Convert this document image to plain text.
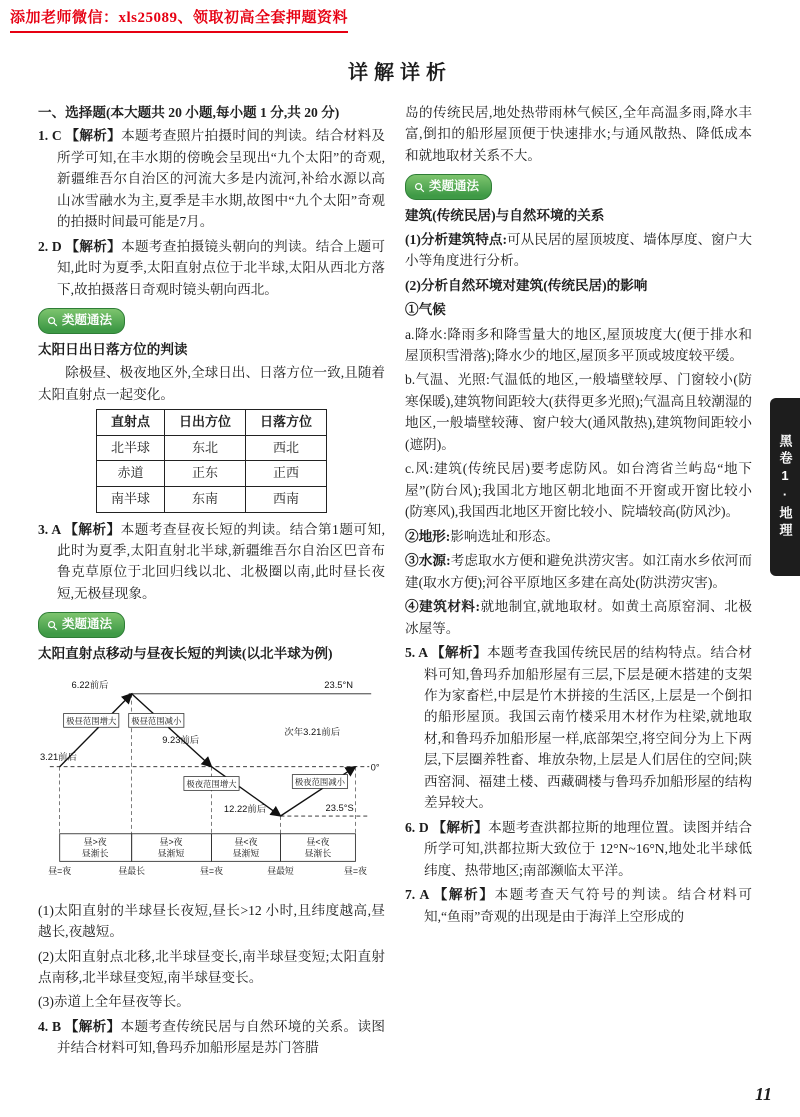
添加老师微信：xls25089、领取初高全套押题资料
详解详析
一、选择题(本大题共 20 小题,每小题 1 分,共 20 分)

1. C 【解析】本题考查照片拍摄时间的判读。结合材料及所学可知,在丰水期的傍晚会呈现出“九个太阳”的奇观,新疆维吾尔自治区的河流大多是内流河,补给水源以高山冰雪融水为主,夏季是丰水期,故图中“九个太阳”奇观的拍摄时间最可能是7月。

2. D 【解析】本题考查拍摄镜头朝向的判读。结合上题可知,此时为夏季,太阳直射点位于北半球,太阳从西北方落下,故拍摄落日奇观时镜头朝向西北。

类题通法
太阳日出日落方位的判读

除极昼、极夜地区外,全球日出、日落方位一致,且随着太阳直射点一起变化。

直射点	日出方位	日落方位
北半球	东北	西北
赤道	正东	正西
南半球	东南	西南

3. A 【解析】本题考查昼夜长短的判读。结合第1题可知,此时为夏季,太阳直射北半球,新疆维吾尔自治区巴音布鲁克草原位于北回归线以北、北极圈以南,此时昼长夜短,无极昼现象。

类题通法
太阳直射点移动与昼夜长短的判读(以北半球为例)
极昼范围增大 极昼范围减小
极夜范围增大	极夜范围减小
6.22前后	23.5°N
3.21前后
9.23前后
次年3.21前后
12.22前后
0°
23.5°S
昼>夜
昼渐长
昼>夜
昼渐短
昼<夜
昼渐短
昼<夜
昼渐长
昼=夜	昼最长	昼=夜	昼最短	昼=夜

(1)太阳直射的半球昼长夜短,昼长>12 小时,且纬度越高,昼越长,夜越短。

(2)太阳直射点北移,北半球昼变长,南半球昼变短;太阳直射点南移,北半球昼变短,南半球昼变长。

(3)赤道上全年昼夜等长。

4. B 【解析】本题考查传统民居与自然环境的关系。读图并结合材料可知,鲁玛乔加船形屋是苏门答腊

岛的传统民居,地处热带雨林气候区,全年高温多雨,降水丰富,倒扣的船形屋顶便于快速排水;与通风散热、降低成本和就地取材关系不大。

类题通法
建筑(传统民居)与自然环境的关系

(1)分析建筑特点:可从民居的屋顶坡度、墙体厚度、窗户大小等角度进行分析。

(2)分析自然环境对建筑(传统民居)的影响

①气候

a.降水:降雨多和降雪量大的地区,屋顶坡度大(便于排水和屋顶积雪滑落);降水少的地区,屋顶多平顶或坡度较平缓。

b.气温、光照:气温低的地区,一般墙壁较厚、门窗较小(防寒保暖),建筑物间距较大(获得更多光照);气温高且较潮湿的地区,一般墙壁较薄、窗户较大(通风散热),建筑物间距较小(遮阴)。

c.风:建筑(传统民居)要考虑防风。如台湾省兰屿岛“地下屋”(防台风);我国北方地区朝北地面不开窗或开窗比较小(防寒风),我国西北地区开窗比较小、院墙较高(防风沙)。

②地形:影响选址和形态。

③水源:考虑取水方便和避免洪涝灾害。如江南水乡依河而建(取水方便);河谷平原地区多建在高处(防洪涝灾害)。

④建筑材料:就地制宜,就地取材。如黄土高原窑洞、北极冰屋等。

5. A 【解析】本题考查我国传统民居的结构特点。结合材料可知,鲁玛乔加船形屋有三层,下层是硬木搭建的支架作为家畜栏,中层是竹木拼接的生活区,上层是一个倒扣的船形屋顶。我国云南竹楼采用木材作为柱梁,就地取材,和鲁玛乔加船形屋一样,底部架空,将空间分为上下两层,下层圈养牲畜、堆放杂物,上层是人们居住的空间;陕西窑洞、福建土楼、西藏碉楼与鲁玛乔加船形屋的结构差异较大。

6. D 【解析】本题考查洪都拉斯的地理位置。读图并结合所学可知,洪都拉斯大致位于 12°N~16°N,地处北半球低纬度、热带地区;南部濒临太平洋。

7. A 【解析】本题考查天气符号的判读。结合材料可知,“鱼雨”奇观的出现是由于海洋上空形成的

黑卷1·地理
11
